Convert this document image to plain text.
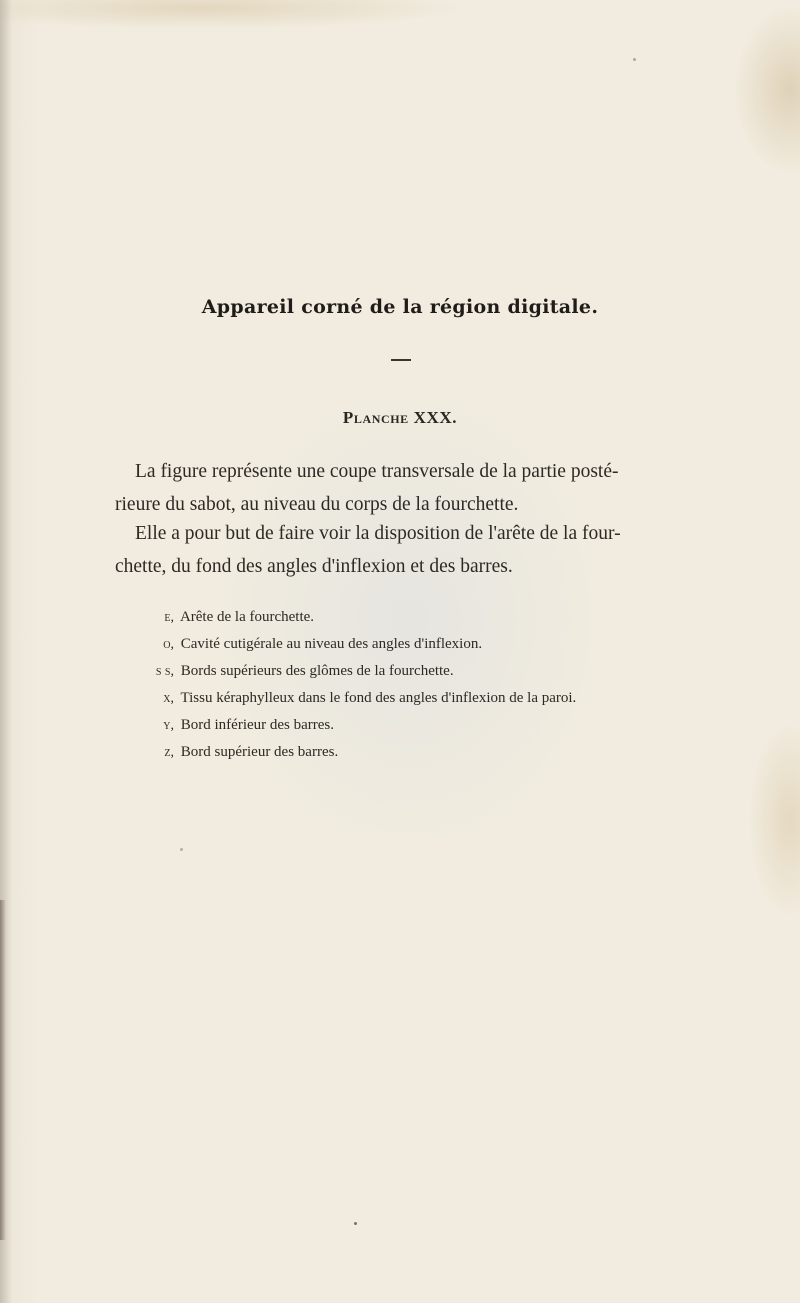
Appareil corné de la région digitale.
Planche XXX.

La figure représente une coupe transversale de la partie posté-
rieure du sabot, au niveau du corps de la fourchette.

Elle a pour but de faire voir la disposition de l'arête de la four-
chette, du fond des angles d'inflexion et des barres.

e, Arête de la fourchette.
o, Cavité cutigérale au niveau des angles d'inflexion.
s s, Bords supérieurs des glômes de la fourchette.
x, Tissu kéraphylleux dans le fond des angles d'inflexion de la paroi.
y, Bord inférieur des barres.
z, Bord supérieur des barres.
